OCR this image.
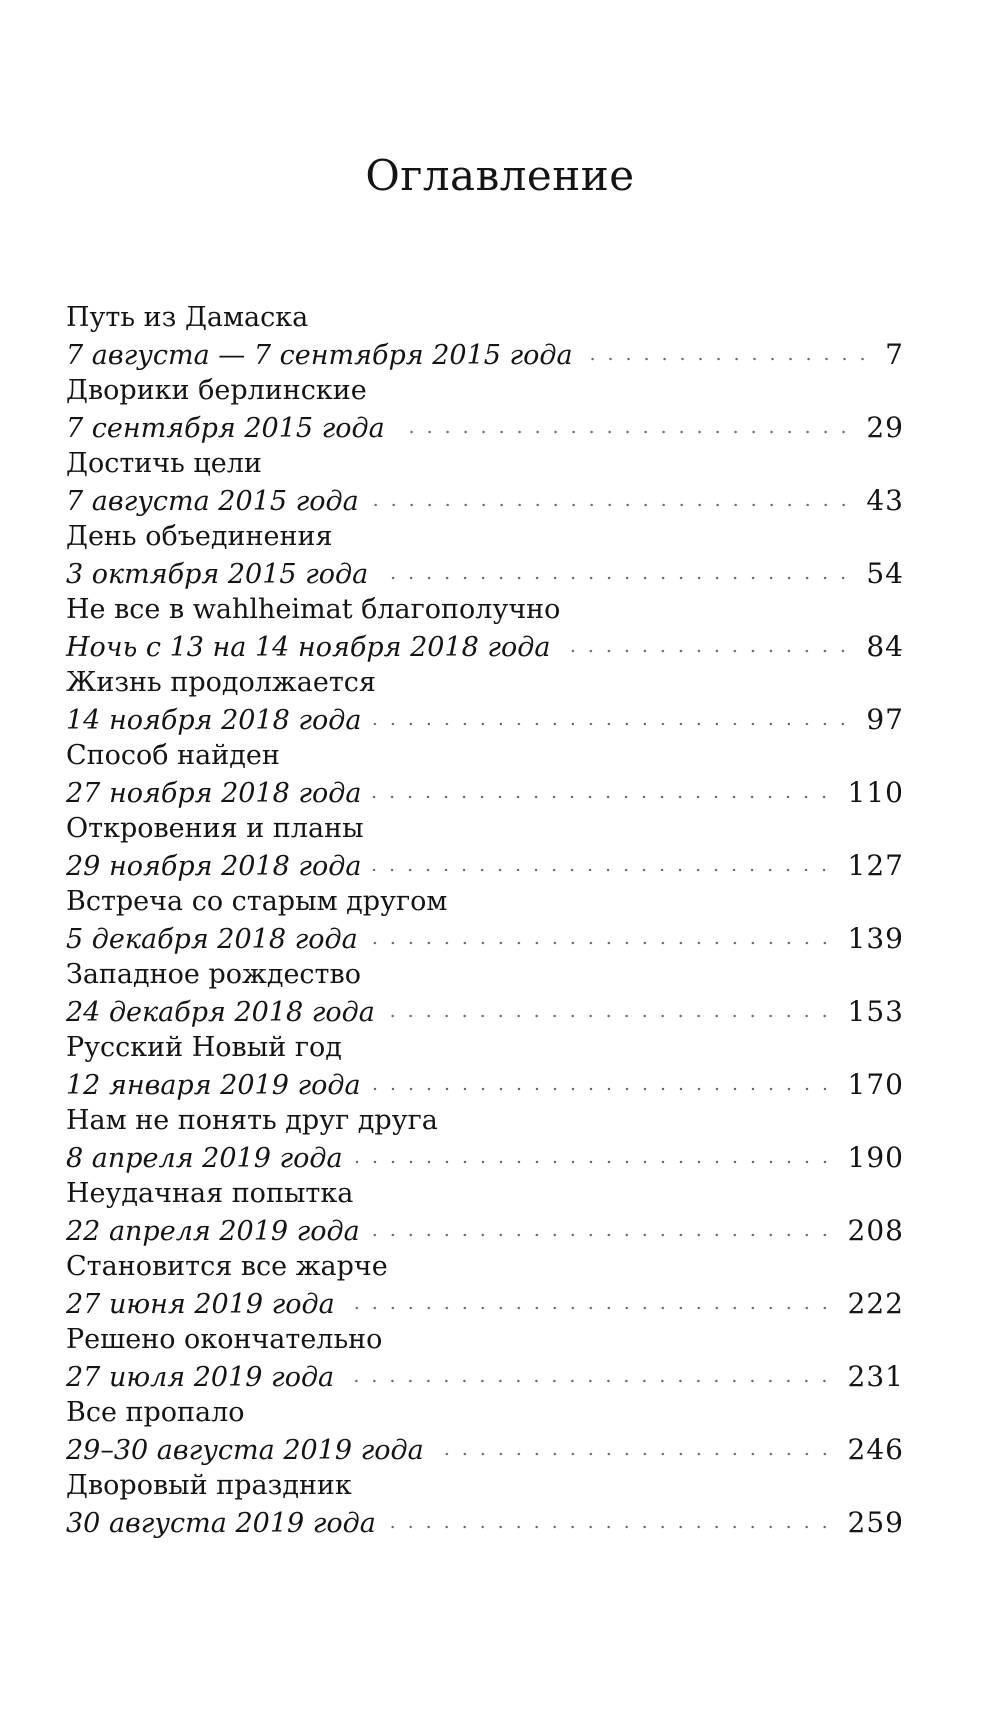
Оглавление
Путь из Дамаска
7 августа — 7 сентября 2015 года	7
Дворики берлинские
7 сентября 2015 года	29
Достичь цели
7 августа 2015 года	43
День объединения
3 октября 2015 года	54
Не все в wahlheimat благополучно
Ночь с 13 на 14 ноября 2018 года	84
Жизнь продолжается
14 ноября 2018 года	97
Способ найден
27 ноября 2018 года	110
Откровения и планы
29 ноября 2018 года	127
Встреча со старым другом
5 декабря 2018 года	139
Западное рождество
24 декабря 2018 года	153
Русский Новый год
12 января 2019 года	170
Нам не понять друг друга
8 апреля 2019 года	190
Неудачная попытка
22 апреля 2019 года	208
Становится все жарче
27 июня 2019 года	222
Решено окончательно
27 июля 2019 года	231
Все пропало
29–30 августа 2019 года	246
Дворовый праздник
30 августа 2019 года	259
